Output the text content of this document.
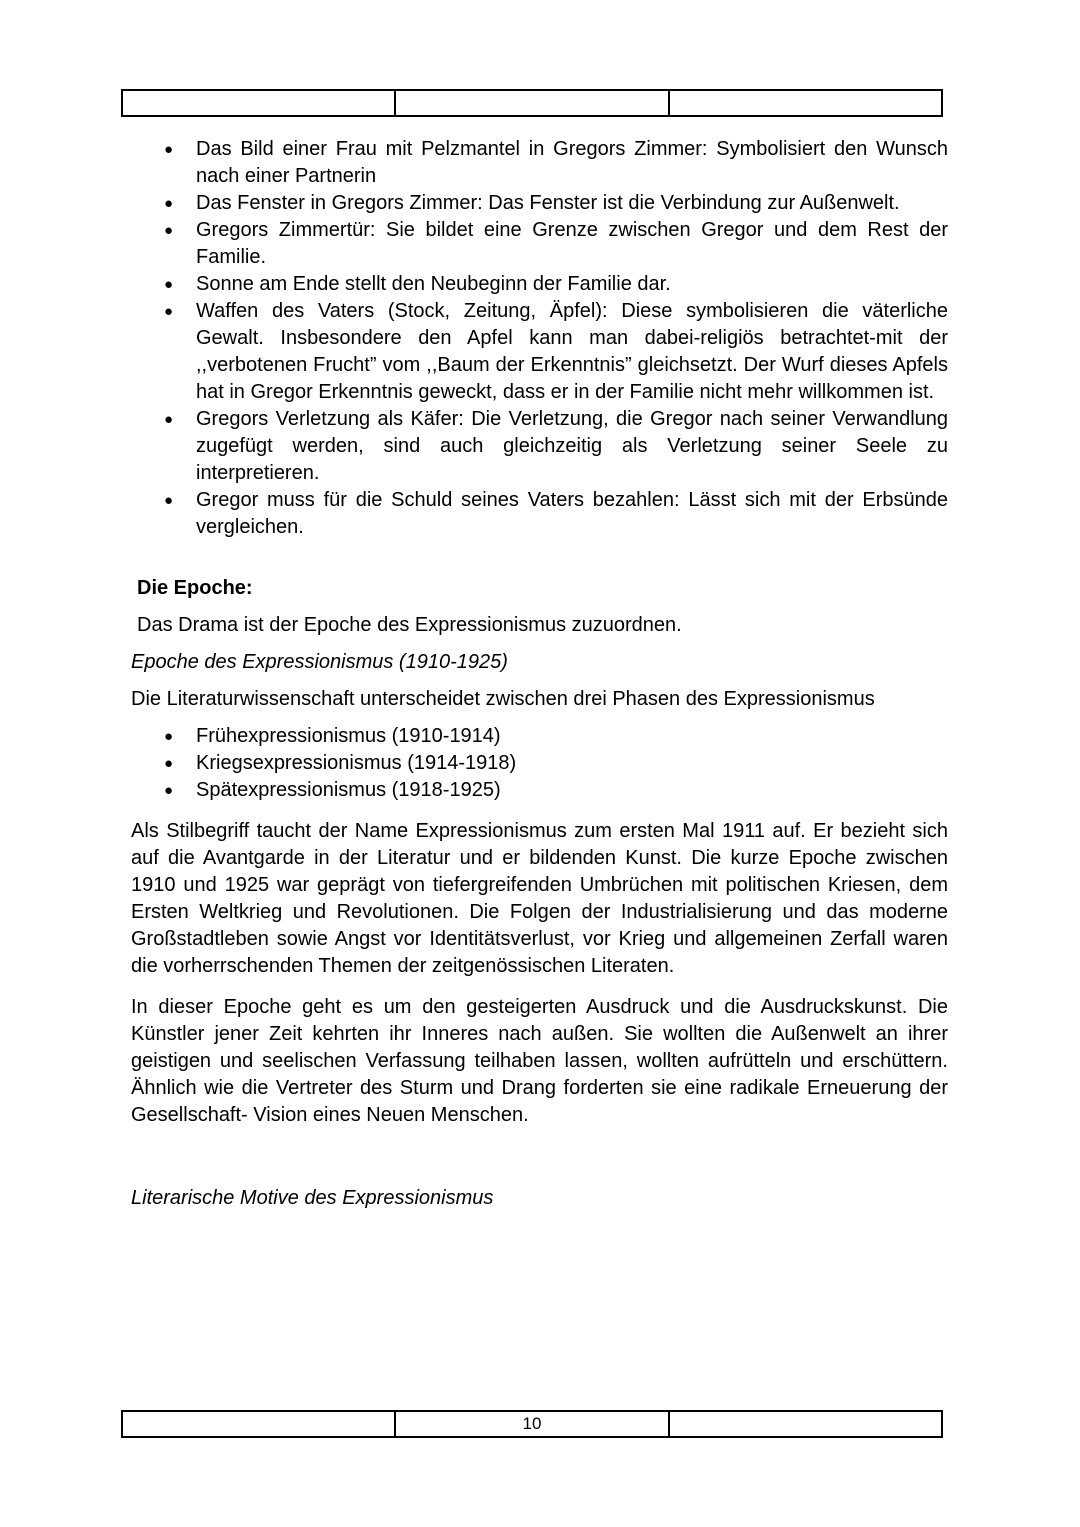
● Das Bild einer Frau mit Pelzmantel in Gregors Zimmer: Symbolisiert den Wunsch nach einer Partnerin
● Das Fenster in Gregors Zimmer: Das Fenster ist die Verbindung zur Außenwelt.
● Gregors Zimmertür: Sie bildet eine Grenze zwischen Gregor und dem Rest der Familie.
● Sonne am Ende stellt den Neubeginn der Familie dar.
● Waffen des Vaters (Stock, Zeitung, Äpfel): Diese symbolisieren die väterliche Gewalt. Insbesondere den Apfel kann man dabei-religiös betrachtet-mit der ,,verbotenen Frucht” vom ,,Baum der Erkenntnis” gleichsetzt. Der Wurf dieses Apfels hat in Gregor Erkenntnis geweckt, dass er in der Familie nicht mehr willkommen ist.
● Gregors Verletzung als Käfer: Die Verletzung, die Gregor nach seiner Verwandlung zugefügt werden, sind auch gleichzeitig als Verletzung seiner Seele zu interpretieren.
● Gregor muss für die Schuld seines Vaters bezahlen: Lässt sich mit der Erbsünde vergleichen.
Die Epoche:
Das Drama ist der Epoche des Expressionismus zuzuordnen.
Epoche des Expressionismus (1910-1925)
Die Literaturwissenschaft unterscheidet zwischen drei Phasen des Expressionismus
● Frühexpressionismus (1910-1914)
● Kriegsexpressionismus (1914-1918)
● Spätexpressionismus (1918-1925)
Als Stilbegriff taucht der Name Expressionismus zum ersten Mal 1911 auf. Er bezieht sich auf die Avantgarde in der Literatur und er bildenden Kunst. Die kurze Epoche zwischen 1910 und 1925 war geprägt von tiefergreifenden Umbrüchen mit politischen Kriesen, dem Ersten Weltkrieg und Revolutionen. Die Folgen der Industrialisierung und das moderne Großstadtleben sowie Angst vor Identitätsverlust, vor Krieg und allgemeinen Zerfall waren die vorherrschenden Themen der zeitgenössischen Literaten.
In dieser Epoche geht es um den gesteigerten Ausdruck und die Ausdruckskunst. Die Künstler jener Zeit kehrten ihr Inneres nach außen. Sie wollten die Außenwelt an ihrer geistigen und seelischen Verfassung teilhaben lassen, wollten aufrütteln und erschüttern. Ähnlich wie die Vertreter des Sturm und Drang forderten sie eine radikale Erneuerung der Gesellschaft- Vision eines Neuen Menschen.
Literarische Motive des Expressionismus
10
